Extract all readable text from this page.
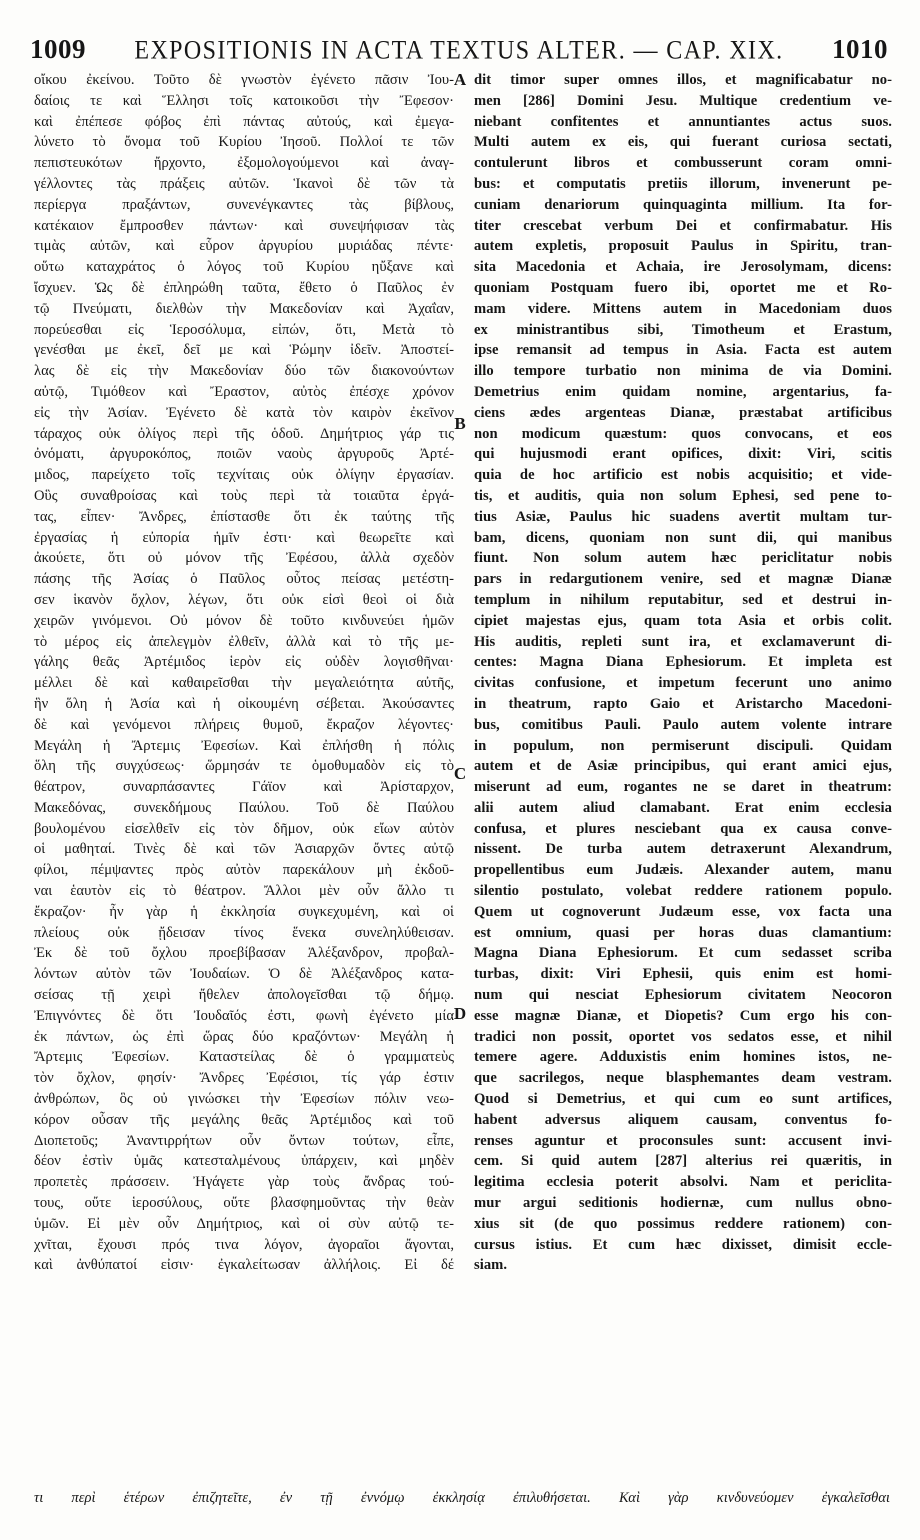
1009 EXPOSITIONIS IN ACTA TEXTUS ALTER. — CAP. XIX. 1010
οἴκου ἐκείνου. Τοῦτο δὲ γνωστὸν ἐγένετο πᾶσιν Ἰου-
δαίοις τε καὶ Ἕλλησι τοῖς κατοικοῦσι τὴν Ἔφεσον·
καὶ ἐπέπεσε φόβος ἐπὶ πάντας αὐτούς, καὶ ἐμεγα-
λύνετο τὸ ὄνομα τοῦ Κυρίου Ἰησοῦ. Πολλοί τε τῶν
πεπιστευκότων ἤρχοντο, ἐξομολογούμενοι καὶ ἀναγ-
γέλλοντες τὰς πράξεις αὐτῶν. Ἱκανοὶ δὲ τῶν τὰ
περίεργα πραξάντων, συνενέγκαντες τὰς βίβλους,
κατέκαιον ἔμπροσθεν πάντων· καὶ συνεψήφισαν τὰς
τιμὰς αὐτῶν, καὶ εὗρον ἀργυρίου μυριάδας πέντε·
οὕτω καταχράτος ὁ λόγος τοῦ Κυρίου ηὔξανε καὶ
ἴσχυεν. Ὡς δὲ ἐπληρώθη ταῦτα, ἔθετο ὁ Παῦλος ἐν
τῷ Πνεύματι, διελθὼν τὴν Μακεδονίαν καὶ Ἀχαΐαν,
πορεύεσθαι εἰς Ἱεροσόλυμα, εἰπών, ὅτι, Μετὰ τὸ
γενέσθαι με ἐκεῖ, δεῖ με καὶ Ῥώμην ἰδεῖν. Ἀποστεί-
λας δὲ εἰς τὴν Μακεδονίαν δύο τῶν διακονούντων
αὐτῷ, Τιμόθεον καὶ Ἔραστον, αὐτὸς ἐπέσχε χρόνον
εἰς τὴν Ἀσίαν. Ἐγένετο δὲ κατὰ τὸν καιρὸν ἐκεῖνον
τάραχος οὐκ ὀλίγος περὶ τῆς ὁδοῦ. Δημήτριος γάρ τις
ὀνόματι, ἀργυροκόπος, ποιῶν ναοὺς ἀργυροῦς Ἀρτέ-
μιδος, παρείχετο τοῖς τεχνίταις οὐκ ὀλίγην ἐργασίαν.
Οὓς συναθροίσας καὶ τοὺς περὶ τὰ τοιαῦτα ἐργά-
τας, εἶπεν· Ἄνδρες, ἐπίστασθε ὅτι ἐκ ταύτης τῆς
ἐργασίας ἡ εὐπορία ἡμῖν ἐστι· καὶ θεωρεῖτε καὶ
ἀκούετε, ὅτι οὐ μόνον τῆς Ἐφέσου, ἀλλὰ σχεδὸν
πάσης τῆς Ἀσίας ὁ Παῦλος οὗτος πείσας μετέστη-
σεν ἱκανὸν ὄχλον, λέγων, ὅτι οὐκ εἰσὶ θεοὶ οἱ διὰ
χειρῶν γινόμενοι. Οὐ μόνον δὲ τοῦτο κινδυνεύει ἡμῶν
τὸ μέρος εἰς ἀπελεγμὸν ἐλθεῖν, ἀλλὰ καὶ τὸ τῆς με-
γάλης θεᾶς Ἀρτέμιδος ἱερὸν εἰς οὐδὲν λογισθῆναι·
μέλλει δὲ καὶ καθαιρεῖσθαι τὴν μεγαλειότητα αὐτῆς,
ἣν ὅλη ἡ Ἀσία καὶ ἡ οἰκουμένη σέβεται. Ἀκούσαντες
δὲ καὶ γενόμενοι πλήρεις θυμοῦ, ἔκραζον λέγοντες·
Μεγάλη ἡ Ἄρτεμις Ἐφεσίων. Καὶ ἐπλήσθη ἡ πόλις
ὅλη τῆς συγχύσεως· ὥρμησάν τε ὁμοθυμαδὸν εἰς τὸ
θέατρον, συναρπάσαντες Γάϊον καὶ Ἀρίσταρχον,
Μακεδόνας, συνεκδήμους Παύλου. Τοῦ δὲ Παύλου
βουλομένου εἰσελθεῖν εἰς τὸν δῆμον, οὐκ εἴων αὐτὸν
οἱ μαθηταί. Τινὲς δὲ καὶ τῶν Ἀσιαρχῶν ὄντες αὐτῷ
φίλοι, πέμψαντες πρὸς αὐτὸν παρεκάλουν μὴ ἐκδοῦ-
ναι ἑαυτὸν εἰς τὸ θέατρον. Ἄλλοι μὲν οὖν ἄλλο τι
ἔκραζον· ἦν γὰρ ἡ ἐκκλησία συγκεχυμένη, καὶ οἱ
πλείους οὐκ ᾔδεισαν τίνος ἕνεκα συνεληλύθεισαν.
Ἐκ δὲ τοῦ ὄχλου προεβίβασαν Ἀλέξανδρον, προβαλ-
λόντων αὐτὸν τῶν Ἰουδαίων. Ὁ δὲ Ἀλέξανδρος κατα-
σείσας τῇ χειρὶ ἤθελεν ἀπολογεῖσθαι τῷ δήμῳ.
Ἐπιγνόντες δὲ ὅτι Ἰουδαῖός ἐστι, φωνὴ ἐγένετο μία
ἐκ πάντων, ὡς ἐπὶ ὥρας δύο κραζόντων· Μεγάλη ἡ
Ἄρτεμις Ἐφεσίων. Καταστείλας δὲ ὁ γραμματεὺς
τὸν ὄχλον, φησίν· Ἄνδρες Ἐφέσιοι, τίς γάρ ἐστιν
ἀνθρώπων, ὃς οὐ γινώσκει τὴν Ἐφεσίων πόλιν νεω-
κόρον οὖσαν τῆς μεγάλης θεᾶς Ἀρτέμιδος καὶ τοῦ
Διοπετοῦς; Ἀναντιρρήτων οὖν ὄντων τούτων, εἶπε,
δέον ἐστὶν ὑμᾶς κατεσταλμένους ὑπάρχειν, καὶ μηδὲν
προπετὲς πράσσειν. Ἠγάγετε γὰρ τοὺς ἄνδρας τού-
τους, οὔτε ἱεροσύλους, οὔτε βλασφημοῦντας τὴν θεὰν
ὑμῶν. Εἰ μὲν οὖν Δημήτριος, καὶ οἱ σὺν αὐτῷ τε-
χνῖται, ἔχουσι πρός τινα λόγον, ἀγοραῖοι ἄγονται,
καὶ ἀνθύπατοί εἰσιν· ἐγκαλείτωσαν ἀλλήλοις. Εἰ δέ
dit timor super omnes illos, et magnificabatur no-
men [286] Domini Jesu. Multique credentium ve-
niebant confitentes et annuntiantes actus suos.
Multi autem ex eis, qui fuerant curiosa sectati,
contulerunt libros et combusserunt coram omni-
bus: et computatis pretiis illorum, invenerunt pe-
cuniam denariorum quinquaginta millium. Ita for-
titer crescebat verbum Dei et confirmabatur. His
autem expletis, proposuit Paulus in Spiritu, tran-
sita Macedonia et Achaia, ire Jerosolymam, dicens:
quoniam Postquam fuero ibi, oportet me et Ro-
mam videre. Mittens autem in Macedoniam duos
ex ministrantibus sibi, Timotheum et Erastum,
ipse remansit ad tempus in Asia. Facta est autem
illo tempore turbatio non minima de via Domini.
Demetrius enim quidam nomine, argentarius, fa-
ciens ædes argenteas Dianæ, præstabat artificibus
non modicum quæstum: quos convocans, et eos
qui hujusmodi erant opifices, dixit: Viri, scitis
quia de hoc artificio est nobis acquisitio; et vide-
tis, et auditis, quia non solum Ephesi, sed pene to-
tius Asiæ, Paulus hic suadens avertit multam tur-
bam, dicens, quoniam non sunt dii, qui manibus
fiunt. Non solum autem hæc periclitatur nobis
pars in redargutionem venire, sed et magnæ Dianæ
templum in nihilum reputabitur, sed et destrui in-
cipiet majestas ejus, quam tota Asia et orbis colit.
His auditis, repleti sunt ira, et exclamaverunt di-
centes: Magna Diana Ephesiorum. Et impleta est
civitas confusione, et impetum fecerunt uno animo
in theatrum, rapto Gaio et Aristarcho Macedoni-
bus, comitibus Pauli. Paulo autem volente intrare
in populum, non permiserunt discipuli. Quidam
autem et de Asiæ principibus, qui erant amici ejus,
miserunt ad eum, rogantes ne se daret in theatrum:
alii autem aliud clamabant. Erat enim ecclesia
confusa, et plures nesciebant qua ex causa conve-
nissent. De turba autem detraxerunt Alexandrum,
propellentibus eum Judæis. Alexander autem, manu
silentio postulato, volebat reddere rationem populo.
Quem ut cognoverunt Judæum esse, vox facta una
est omnium, quasi per horas duas clamantium:
Magna Diana Ephesiorum. Et cum sedasset scriba
turbas, dixit: Viri Ephesii, quis enim est homi-
num qui nesciat Ephesiorum civitatem Neocoron
esse magnæ Dianæ, et Diopetis? Cum ergo his con-
tradici non possit, oportet vos sedatos esse, et nihil
temere agere. Adduxistis enim homines istos, ne-
que sacrilegos, neque blasphemantes deam vestram.
Quod si Demetrius, et qui cum eo sunt artifices,
habent adversus aliquem causam, conventus fo-
renses aguntur et proconsules sunt: accusent invi-
cem. Si quid autem [287] alterius rei quæritis, in
legitima ecclesia poterit absolvi. Nam et periclita-
mur argui seditionis hodiernæ, cum nullus obno-
xius sit (de quo possimus reddere rationem) con-
cursus istius. Et cum hæc dixisset, dimisit eccle-
siam.
A
B
C
D
τι περὶ ἑτέρων ἐπιζητεῖτε, ἐν τῇ ἐννόμῳ ἐκκλησίᾳ ἐπιλυθήσεται. Καὶ γὰρ κινδυνεύομεν ἐγκαλεῖσθαι
